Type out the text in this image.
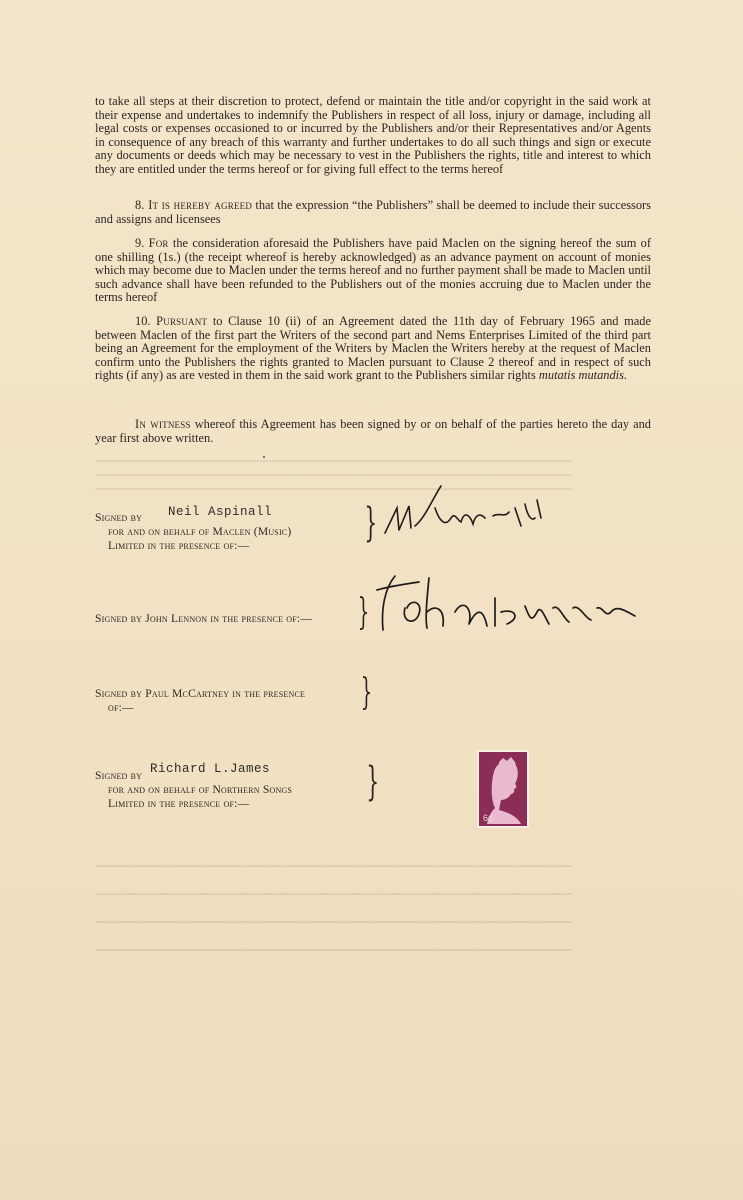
to take all steps at their discretion to protect, defend or maintain the title and/or copyright in the said work at their expense and undertakes to indemnify the Publishers in respect of all loss, injury or damage, including all legal costs or expenses occasioned to or incurred by the Publishers and/or their Representatives and/or Agents in consequence of any breach of this warranty and further undertakes to do all such things and sign or execute any documents or deeds which may be necessary to vest in the Publishers the rights, title and interest to which they are entitled under the terms hereof or for giving full effect to the terms hereof
8. It is hereby agreed that the expression “the Publishers” shall be deemed to include their successors and assigns and licensees
9. For the consideration aforesaid the Publishers have paid Maclen on the signing hereof the sum of one shilling (1s.) (the receipt whereof is hereby acknowledged) as an advance payment on account of monies which may become due to Maclen under the terms hereof and no further payment shall be made to Maclen until such advance shall have been refunded to the Publishers out of the monies accruing due to Maclen under the terms hereof
10. Pursuant to Clause 10 (ii) of an Agreement dated the 11th day of February 1965 and made between Maclen of the first part the Writers of the second part and Nems Enterprises Limited of the third part being an Agreement for the employment of the Writers by Maclen the Writers hereby at the request of Maclen confirm unto the Publishers the rights granted to Maclen pursuant to Clause 2 thereof and in respect of such rights (if any) as are vested in them in the said work grant to the Publishers similar rights mutatis mutandis.
In witness whereof this Agreement has been signed by or on behalf of the parties hereto the day and year first above written.
Neil Aspinall
Signed by
for and on behalf of Maclen (Music)
Limited in the presence of:—	}
Signed by John Lennon in the presence of:— }
Signed by Paul McCartney in the presence
of:—	}
Richard L.James
Signed by
for and on behalf of Northern Songs
Limited in the presence of:—	}
6d
